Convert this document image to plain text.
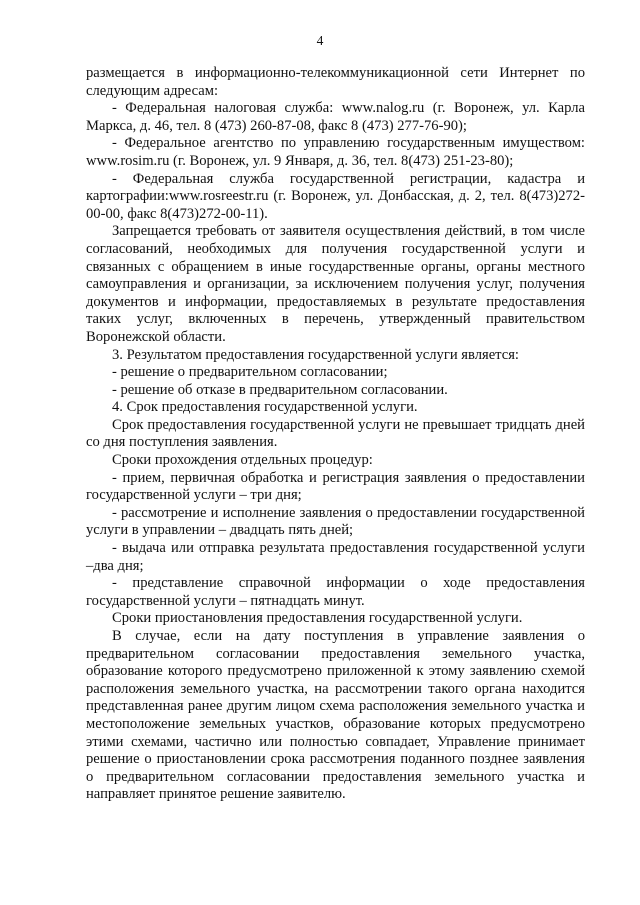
4

размещается в информационно-телекоммуникационной сети Интернет по следующим адресам:

- Федеральная налоговая служба: www.nalog.ru (г. Воронеж, ул. Карла Маркса, д. 46, тел. 8 (473) 260-87-08, факс 8 (473) 277-76-90);

- Федеральное агентство по управлению государственным имуществом: www.rosim.ru (г. Воронеж, ул. 9 Января, д. 36, тел. 8(473) 251-23-80);

- Федеральная служба государственной регистрации, кадастра и картографии:www.rosreestr.ru (г. Воронеж, ул. Донбасская, д. 2, тел. 8(473)272-00-00, факс 8(473)272-00-11).

Запрещается требовать от заявителя осуществления действий, в том числе согласований, необходимых для получения государственной услуги и связанных с обращением в иные государственные органы, органы местного самоуправления и организации, за исключением получения услуг, получения документов и информации, предоставляемых в результате предоставления таких услуг, включенных в перечень, утвержденный правительством Воронежской области.

3. Результатом предоставления государственной услуги является:

- решение о предварительном согласовании;

- решение об отказе в предварительном согласовании.

4. Срок предоставления государственной услуги.

Срок предоставления государственной услуги не превышает тридцать дней со дня поступления заявления.

Сроки прохождения отдельных процедур:

- прием, первичная обработка и регистрация заявления о предоставлении государственной услуги – три дня;

- рассмотрение и исполнение заявления о предоставлении государственной услуги в управлении – двадцать пять дней;

- выдача или отправка результата предоставления государственной услуги –два дня;

- представление справочной информации о ходе предоставления государственной услуги – пятнадцать минут.

Сроки приостановления предоставления государственной услуги.

В случае, если на дату поступления в управление заявления о предварительном согласовании предоставления земельного участка, образование которого предусмотрено приложенной к этому заявлению схемой расположения земельного участка, на рассмотрении такого органа находится представленная ранее другим лицом схема расположения земельного участка и местоположение земельных участков, образование которых предусмотрено этими схемами, частично или полностью совпадает, Управление принимает решение о приостановлении срока рассмотрения поданного позднее заявления о предварительном согласовании предоставления земельного участка и направляет принятое решение заявителю.
